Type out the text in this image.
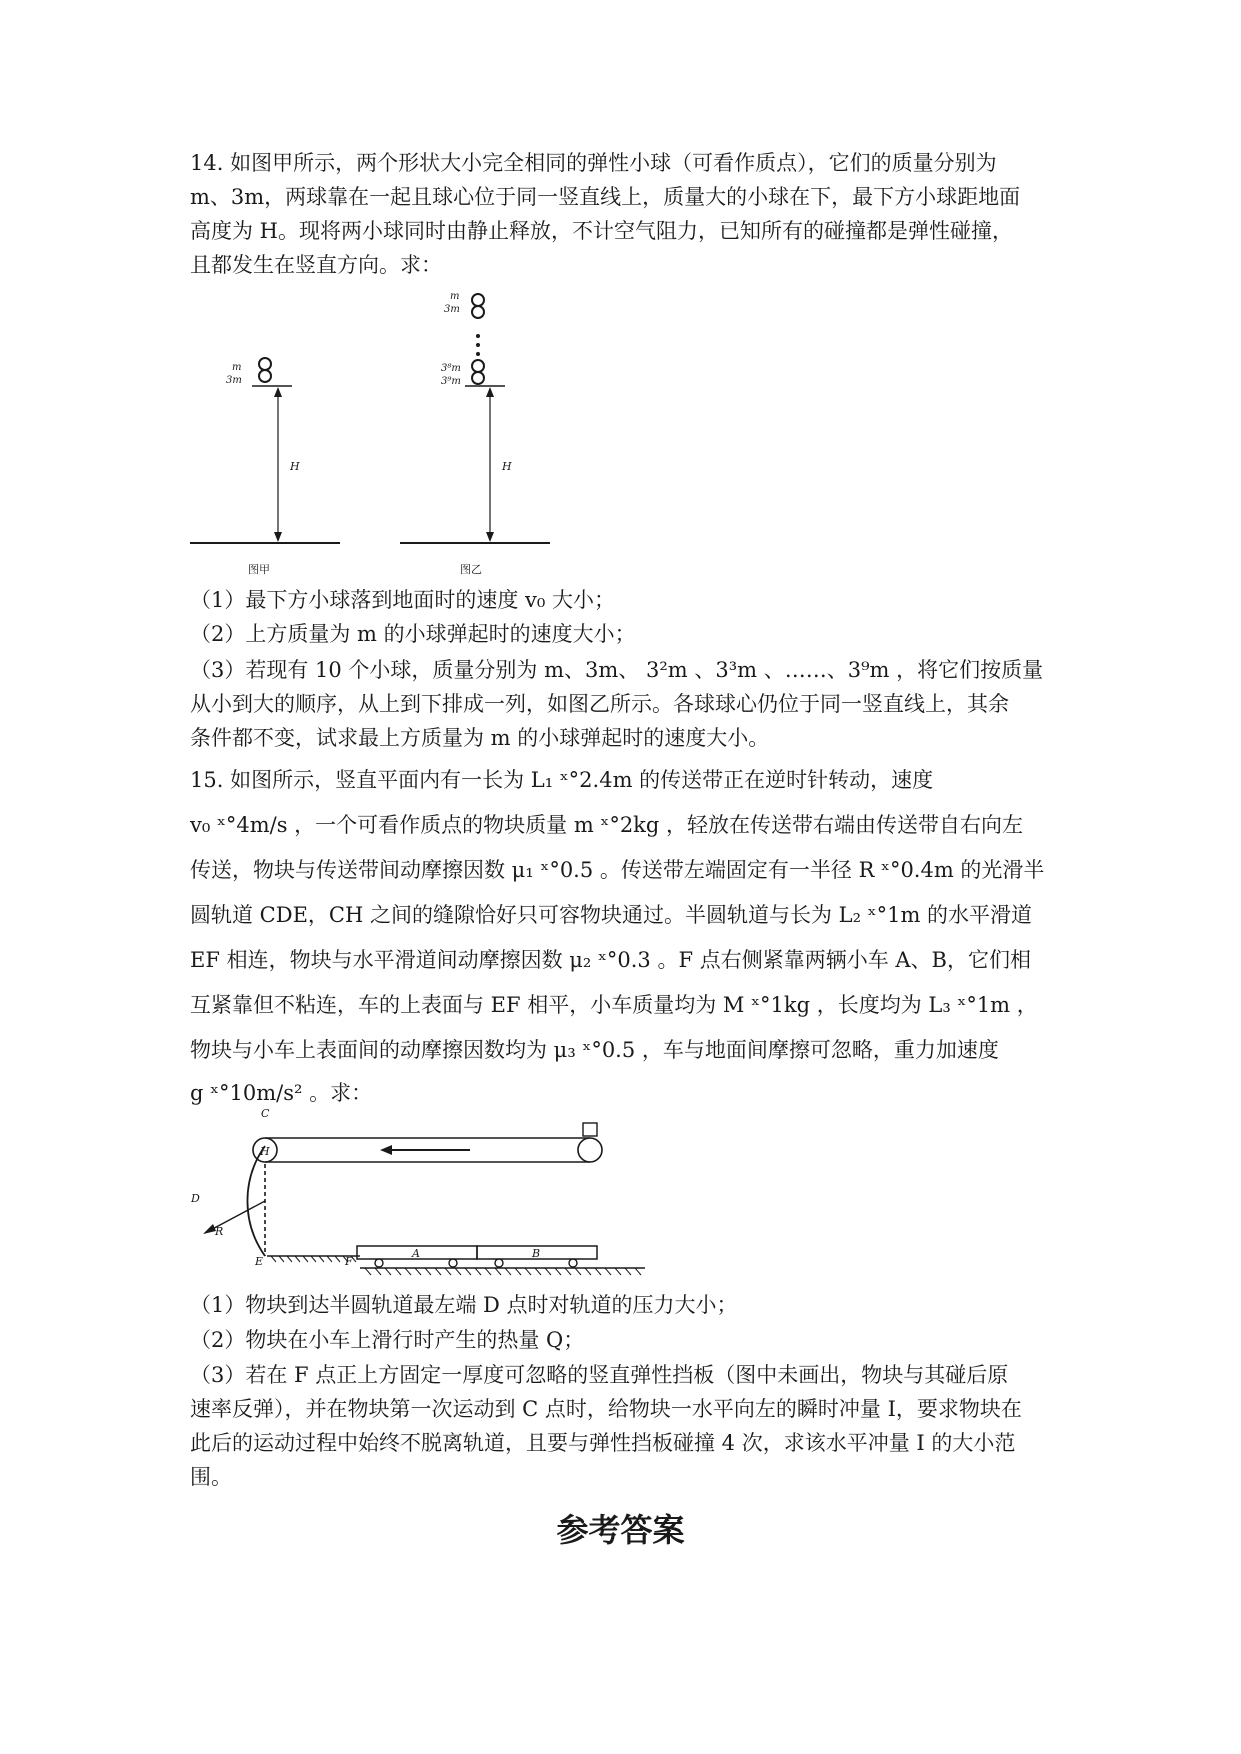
14. 如图甲所示，两个形状大小完全相同的弹性小球（可看作质点），它们的质量分别为
m、3m，两球靠在一起且球心位于同一竖直线上，质量大的小球在下，最下方小球距地面
高度为 H。现将两小球同时由静止释放，不计空气阻力，已知所有的碰撞都是弹性碰撞，
且都发生在竖直方向。求：
m
3m
H
图甲
m
3m
3⁸m
3⁹m
H
图乙
（1）最下方小球落到地面时的速度 v₀ 大小；
（2）上方质量为 m 的小球弹起时的速度大小；
（3）若现有 10 个小球，质量分别为 m、3m、 3²m 、3³m 、……、3⁹m ，将它们按质量
从小到大的顺序，从上到下排成一列，如图乙所示。各球球心仍位于同一竖直线上，其余
条件都不变，试求最上方质量为 m 的小球弹起时的速度大小。
15. 如图所示，竖直平面内有一长为 L₁ ˣ°2.4m 的传送带正在逆时针转动，速度
v₀ ˣ°4m/s ，一个可看作质点的物块质量 m ˣ°2kg ，轻放在传送带右端由传送带自右向左
传送，物块与传送带间动摩擦因数 μ₁ ˣ°0.5 。传送带左端固定有一半径 R ˣ°0.4m 的光滑半
圆轨道 CDE，CH 之间的缝隙恰好只可容物块通过。半圆轨道与长为 L₂ ˣ°1m 的水平滑道
EF 相连，物块与水平滑道间动摩擦因数 μ₂ ˣ°0.3 。F 点右侧紧靠两辆小车 A、B，它们相
互紧靠但不粘连，车的上表面与 EF 相平，小车质量均为 M ˣ°1kg ，长度均为 L₃ ˣ°1m ，
物块与小车上表面间的动摩擦因数均为 μ₃ ˣ°0.5 ，车与地面间摩擦可忽略，重力加速度
g ˣ°10m/s² 。求：
C
D
E
H
R
F
A	B
（1）物块到达半圆轨道最左端 D 点时对轨道的压力大小；
（2）物块在小车上滑行时产生的热量 Q；
（3）若在 F 点正上方固定一厚度可忽略的竖直弹性挡板（图中未画出，物块与其碰后原
速率反弹），并在物块第一次运动到 C 点时，给物块一水平向左的瞬时冲量 I，要求物块在
此后的运动过程中始终不脱离轨道，且要与弹性挡板碰撞 4 次，求该水平冲量 I 的大小范
围。
参考答案
